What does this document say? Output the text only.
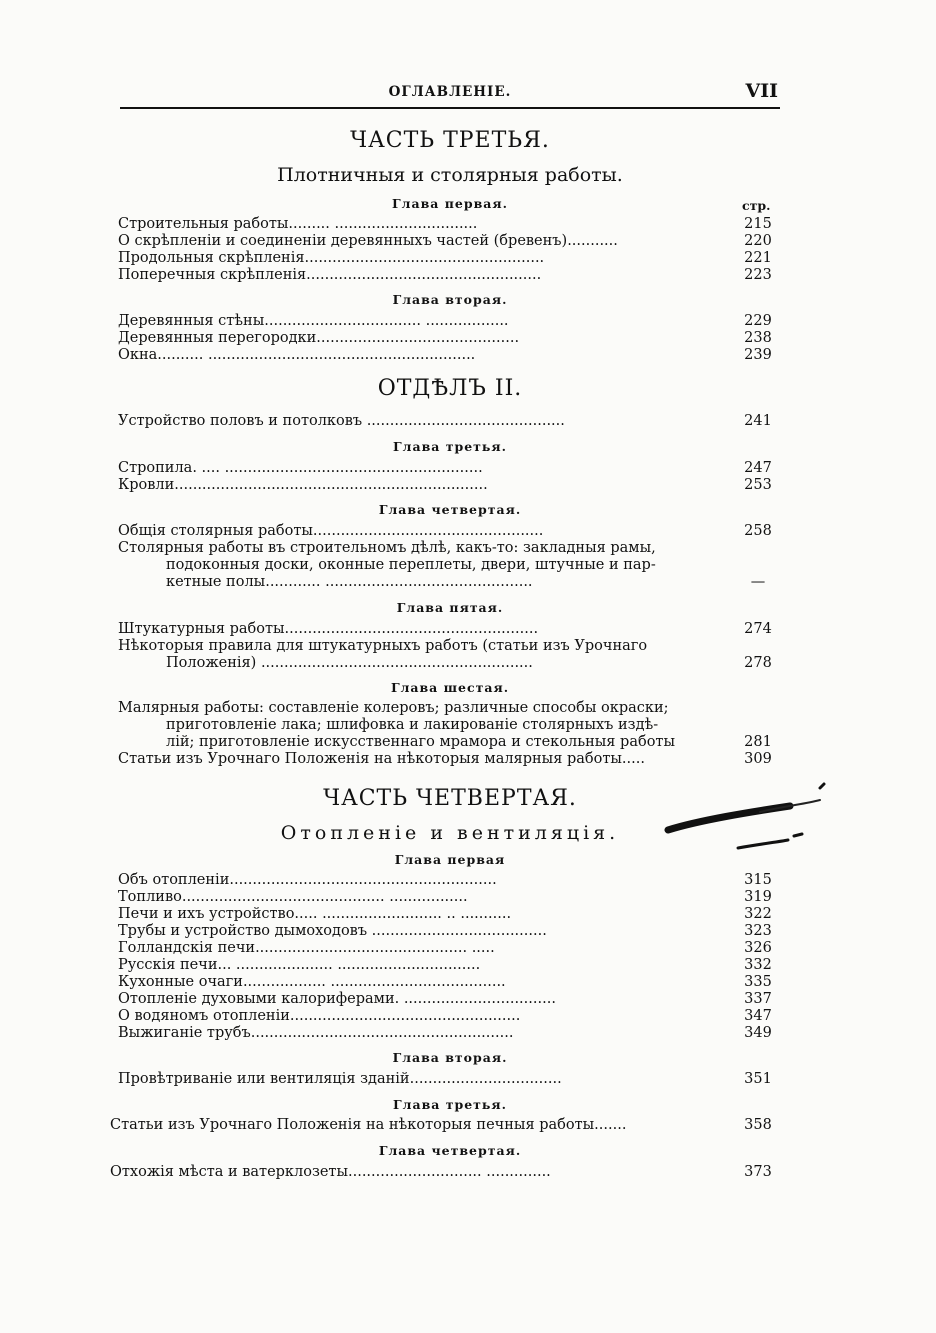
ОГЛАВЛЕНІЕ.	VII
ЧАСТЬ ТРЕТЬЯ.
Плотничныя и столярныя работы.
Глава первая.	стр.
Строительныя работы......... ...............................	215
О скрѣпленіи и соединеніи деревянныхъ частей (бревенъ)...........	220
Продольныя скрѣпленія....................................................	221
Поперечныя скрѣпленія...................................................	223
Глава вторая.
Деревянныя стѣны.................................. ..................	229
Деревянныя перегородки............................................	238
Окна.......... ..........................................................	239
ОТДѢЛЪ II.
Устройство половъ и потолковъ ...........................................	241
Глава третья.
Стропила. .... ........................................................	247
Кровли....................................................................	253
Глава четвертая.
Общія столярныя работы..................................................	258
Столярныя работы въ строительномъ дѣлѣ, какъ-то: закладныя рамы,
подоконныя доски, оконные переплеты, двери, штучные и пар-
кетные полы............ .............................................	—
Глава пятая.
Штукатурныя работы.......................................................	274
Нѣкоторыя правила для штукатурныхъ работъ (статьи изъ Урочнаго
Положенія) ...........................................................	278
Глава шестая.
Малярныя работы: составленіе колеровъ; различные способы окраски;
приготовленіе лака; шлифовка и лакированіе столярныхъ издѣ-
лій; приготовленіе искусственнаго мрамора и стекольныя работы	281
Статьи изъ Урочнаго Положенія на нѣкоторыя малярныя работы.....	309
ЧАСТЬ ЧЕТВЕРТАЯ.
Отопленіе и вентиляція.
Глава первая
Объ отопленіи..........................................................	315
Топливо............................................ .................	319
Печи и ихъ устройство..... .......................... .. ...........	322
Трубы и устройство дымоходовъ ......................................	323
Голландскія печи.............................................. .....	326
Русскія печи... ..................... ...............................	332
Кухонные очаги.................. ......................................	335
Отопленіе духовыми калориферами. .................................	337
О водяномъ отопленіи..................................................	347
Выжиганіе трубъ.........................................................	349
Глава вторая.
Провѣтриваніе или вентиляція зданій.................................	351
Глава третья.
Статьи изъ Урочнаго Положенія на нѣкоторыя печныя работы.......	358
Глава четвертая.
Отхожія мѣста и ватерклозеты............................. ..............	373
